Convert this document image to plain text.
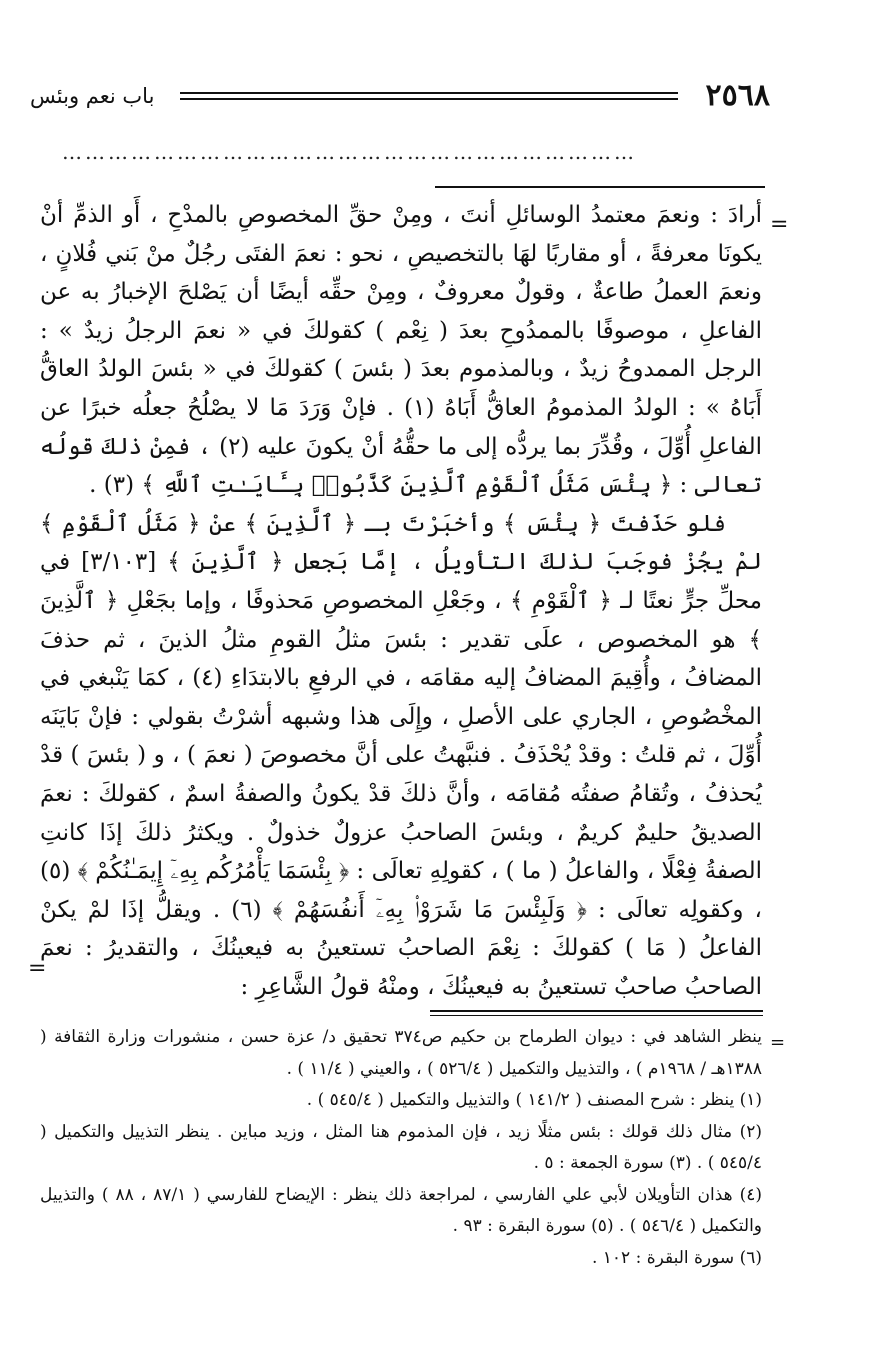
٢٥٦٨
باب نعم وبئس
…………………………………………………………………
=

أرادَ : ونعمَ معتمدُ الوسائلِ أنتَ ، ومِنْ حقِّ المخصوصِ بالمدْحِ ، أَو الذمِّ أنْ يكونَا معرفةً ، أو مقاربًا لهَا بالتخصيصِ ، نحو : نعمَ الفتَى رجُلٌ منْ بَني فُلانٍ ، ونعمَ العملُ طاعةٌ ، وقولٌ معروفٌ ، ومِنْ حقِّه أيضًا أن يَصْلحَ الإخبارُ به عن الفاعلِ ، موصوفًا بالممدُوحِ بعدَ ( نِعْم ) كقولكَ في « نعمَ الرجلُ زيدٌ » : الرجل الممدوحُ زيدٌ ، وبالمذموم بعدَ ( بئسَ ) كقولكَ في « بئسَ الولدُ العاقُّ أَبَاهُ » : الولدُ المذمومُ العاقُّ أَبَاهُ (١) . فإنْ وَرَدَ مَا لا يصْلُحُ جعلُه خبرًا عن الفاعلِ أُوِّلَ ، وقُدِّرَ بما يردُّه إلى ما حقُّهُ أنْ يكونَ عليه (٢) ، فمِنْ ذلكَ قولُه تعالى : ﴿ بِئْسَ مَثَلُ ٱلْقَوْمِ ٱلَّذِينَ كَذَّبُوا۟ بِـَٔايَـٰتِ ٱللَّهِ ﴾ (٣) .

فلو حَذَفتَ ﴿ بِئْسَ ﴾ وأخبَرْتَ بـ ﴿ ٱلَّذِينَ ﴾ عنْ ﴿ مَثَلُ ٱلْقَوْمِ ﴾ لمْ يجُزْ فوجَبَ لذلكَ التأويلُ ، إمَّا بَجعل ﴿ ٱلَّذِينَ ﴾ [٣/١٠٣] في محلِّ جرٍّ نعتًا لـ ﴿ ٱلْقَوْمِ ﴾ ، وجَعْلِ المخصوصِ مَحذوفًا ، وإما بجَعْلِ ﴿ ٱلَّذِينَ ﴾ هو المخصوص ، علَى تقدير : بئسَ مثلُ القومِ مثلُ الذينَ ، ثم حذفَ المضافُ ، وأُقِيمَ المضافُ إليه مقامَه ، في الرفعِ بالابتدَاءِ (٤) ، كمَا يَنْبغي في المخْصُوصِ ، الجاري على الأصلِ ، وإِلَى هذا وشبهه أشرْتُ بقولي : فإنْ بَايَنَه أُوِّلَ ، ثم قلتُ : وقدْ يُحْذَفُ . فنبَّهتُ على أنَّ مخصوصَ ( نعمَ ) ، و ( بئسَ ) قدْ يُحذفُ ، وتُقامُ صفتُه مُقامَه ، وأنَّ ذلكَ قدْ يكونُ والصفةُ اسمٌ ، كقولكَ : نعمَ الصديقُ حليمٌ كريمٌ ، وبئسَ الصاحبُ عزولٌ خذولٌ . ويكثرُ ذلكَ إذَا كانتِ الصفةُ فِعْلًا ، والفاعلُ ( ما ) ، كقولِهِ تعالَى : ﴿ بِئْسَمَا يَأْمُرُكُم بِهِۦٓ إِيمَـٰنُكُمْ ﴾ (٥) ، وكقولِه تعالَى : ﴿ وَلَبِئْسَ مَا شَرَوْا۟ بِهِۦٓ أَنفُسَهُمْ ﴾ (٦) . ويقلُّ إذَا لمْ يكنْ الفاعلُ ( مَا ) كقولكَ : نِعْمَ الصاحبُ تستعينُ به فيعينُكَ ، والتقديرُ : نعمَ الصاحبُ صاحبٌ تستعينُ به فيعينُكَ ، ومنْهُ قولُ الشَّاعِرِ :

=
=

ينظر الشاهد في : ديوان الطرماح بن حكيم ص٣٧٤ تحقيق د/ عزة حسن ، منشورات وزارة الثقافة ( ١٣٨٨هـ / ١٩٦٨م ) ، والتذييل والتكميل ( ٥٢٦/٤ ) ، والعيني ( ١١/٤ ) .

(١) ينظر : شرح المصنف ( ١٤١/٢ ) والتذييل والتكميل ( ٥٤٥/٤ ) .

(٢) مثال ذلك قولك : بئس مثلًا زيد ، فإن المذموم هنا المثل ، وزيد مباين . ينظر التذييل والتكميل ( ٥٤٥/٤ ) . (٣) سورة الجمعة : ٥ .

(٤) هذان التأويلان لأبي علي الفارسي ، لمراجعة ذلك ينظر : الإيضاح للفارسي ( ٨٧/١ ، ٨٨ ) والتذييل والتكميل ( ٥٤٦/٤ ) . (٥) سورة البقرة : ٩٣ .

(٦) سورة البقرة : ١٠٢ .
